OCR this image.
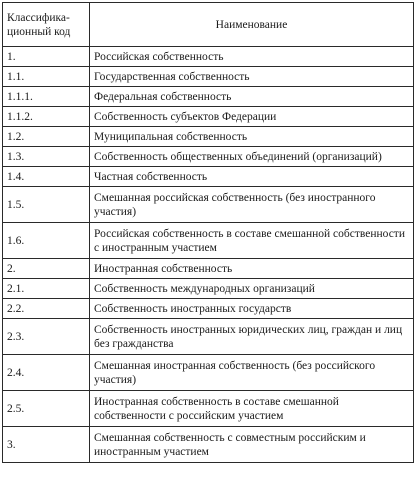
Классифика-ционный код	Наименование
1.	Российская собственность
1.1.	Государственная собственность
1.1.1.	Федеральная собственность
1.1.2.	Собственность субъектов Федерации
1.2.	Муниципальная собственность
1.3.	Собственность общественных объединений (организаций)
1.4.	Частная собственность
1.5.	Смешанная российская собственность (без иностранного участия)
1.6.	Российская собственность в составе смешанной собственности с иностранным участием
2.	Иностранная собственность
2.1.	Собственность международных организаций
2.2.	Собственность иностранных государств
2.3.	Собственность иностранных юридических лиц, граждан и лиц без гражданства
2.4.	Смешанная иностранная собственность (без российского участия)
2.5.	Иностранная собственность в составе смешанной собственности с российским участием
3.	Смешанная собственность с совместным российским и иностранным участием
